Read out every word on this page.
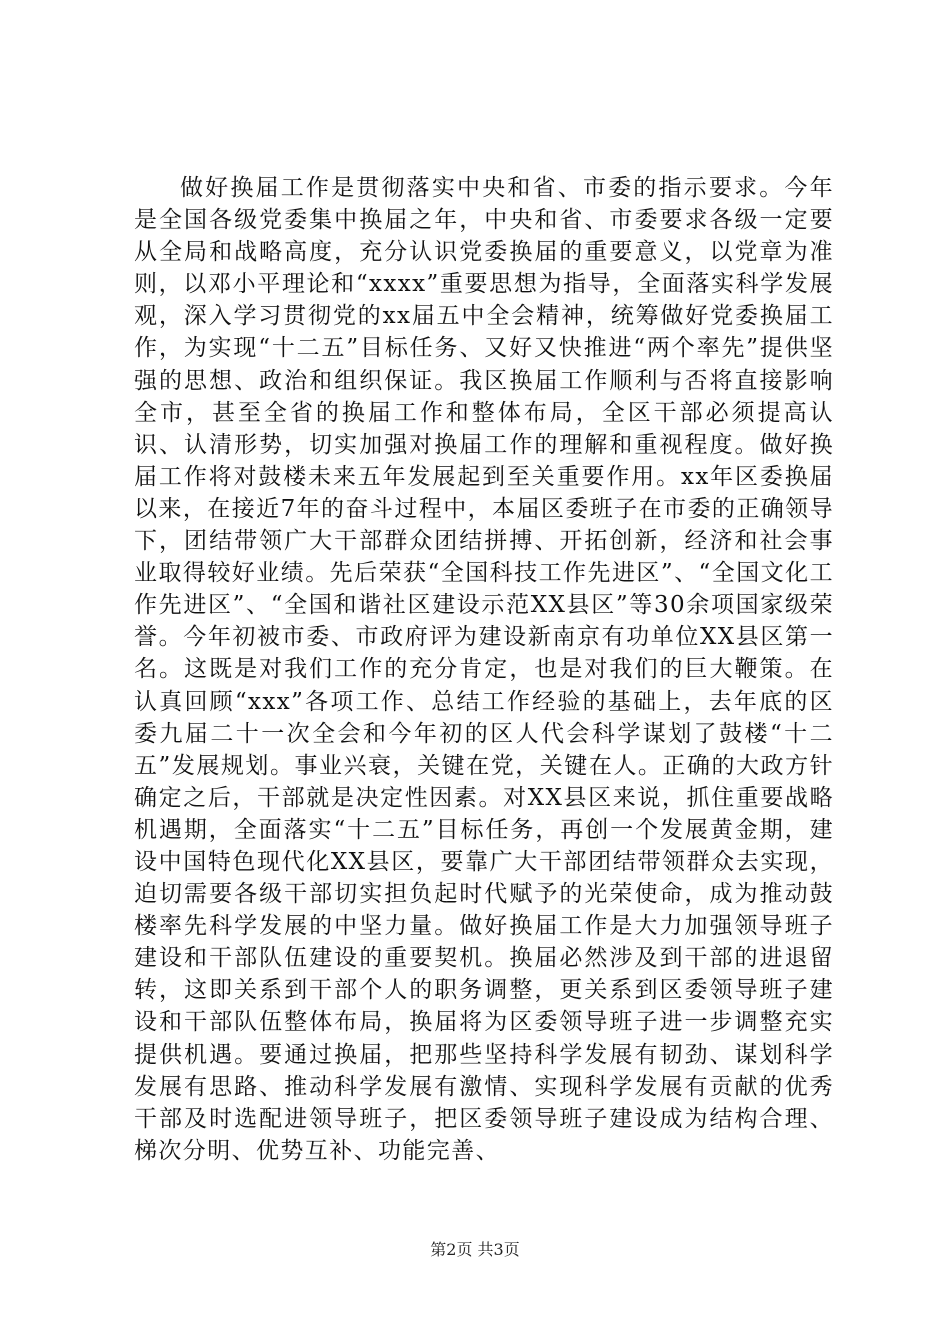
做好换届工作是贯彻落实中央和省、市委的指示要求。今年是全国各级党委集中换届之年，中央和省、市委要求各级一定要从全局和战略高度，充分认识党委换届的重要意义，以党章为准则，以邓小平理论和“xxxx”重要思想为指导，全面落实科学发展观，深入学习贯彻党的xx届五中全会精神，统筹做好党委换届工作，为实现“十二五”目标任务、又好又快推进“两个率先”提供坚强的思想、政治和组织保证。我区换届工作顺利与否将直接影响全市，甚至全省的换届工作和整体布局，全区干部必须提高认识、认清形势，切实加强对换届工作的理解和重视程度。做好换届工作将对鼓楼未来五年发展起到至关重要作用。xx年区委换届以来，在接近7年的奋斗过程中，本届区委班子在市委的正确领导下，团结带领广大干部群众团结拼搏、开拓创新，经济和社会事业取得较好业绩。先后荣获“全国科技工作先进区”、“全国文化工作先进区”、“全国和谐社区建设示范XX县区”等30余项国家级荣誉。今年初被市委、市政府评为建设新南京有功单位XX县区第一名。这既是对我们工作的充分肯定，也是对我们的巨大鞭策。在认真回顾“xxx”各项工作、总结工作经验的基础上，去年底的区委九届二十一次全会和今年初的区人代会科学谋划了鼓楼“十二五”发展规划。事业兴衰，关键在党，关键在人。正确的大政方针确定之后，干部就是决定性因素。对XX县区来说，抓住重要战略机遇期，全面落实“十二五”目标任务，再创一个发展黄金期，建设中国特色现代化XX县区，要靠广大干部团结带领群众去实现，迫切需要各级干部切实担负起时代赋予的光荣使命，成为推动鼓楼率先科学发展的中坚力量。做好换届工作是大力加强领导班子建设和干部队伍建设的重要契机。换届必然涉及到干部的进退留转，这即关系到干部个人的职务调整，更关系到区委领导班子建设和干部队伍整体布局，换届将为区委领导班子进一步调整充实提供机遇。要通过换届，把那些坚持科学发展有韧劲、谋划科学发展有思路、推动科学发展有激情、实现科学发展有贡献的优秀干部及时选配进领导班子，把区委领导班子建设成为结构合理、梯次分明、优势互补、功能完善、

第2页 共3页
